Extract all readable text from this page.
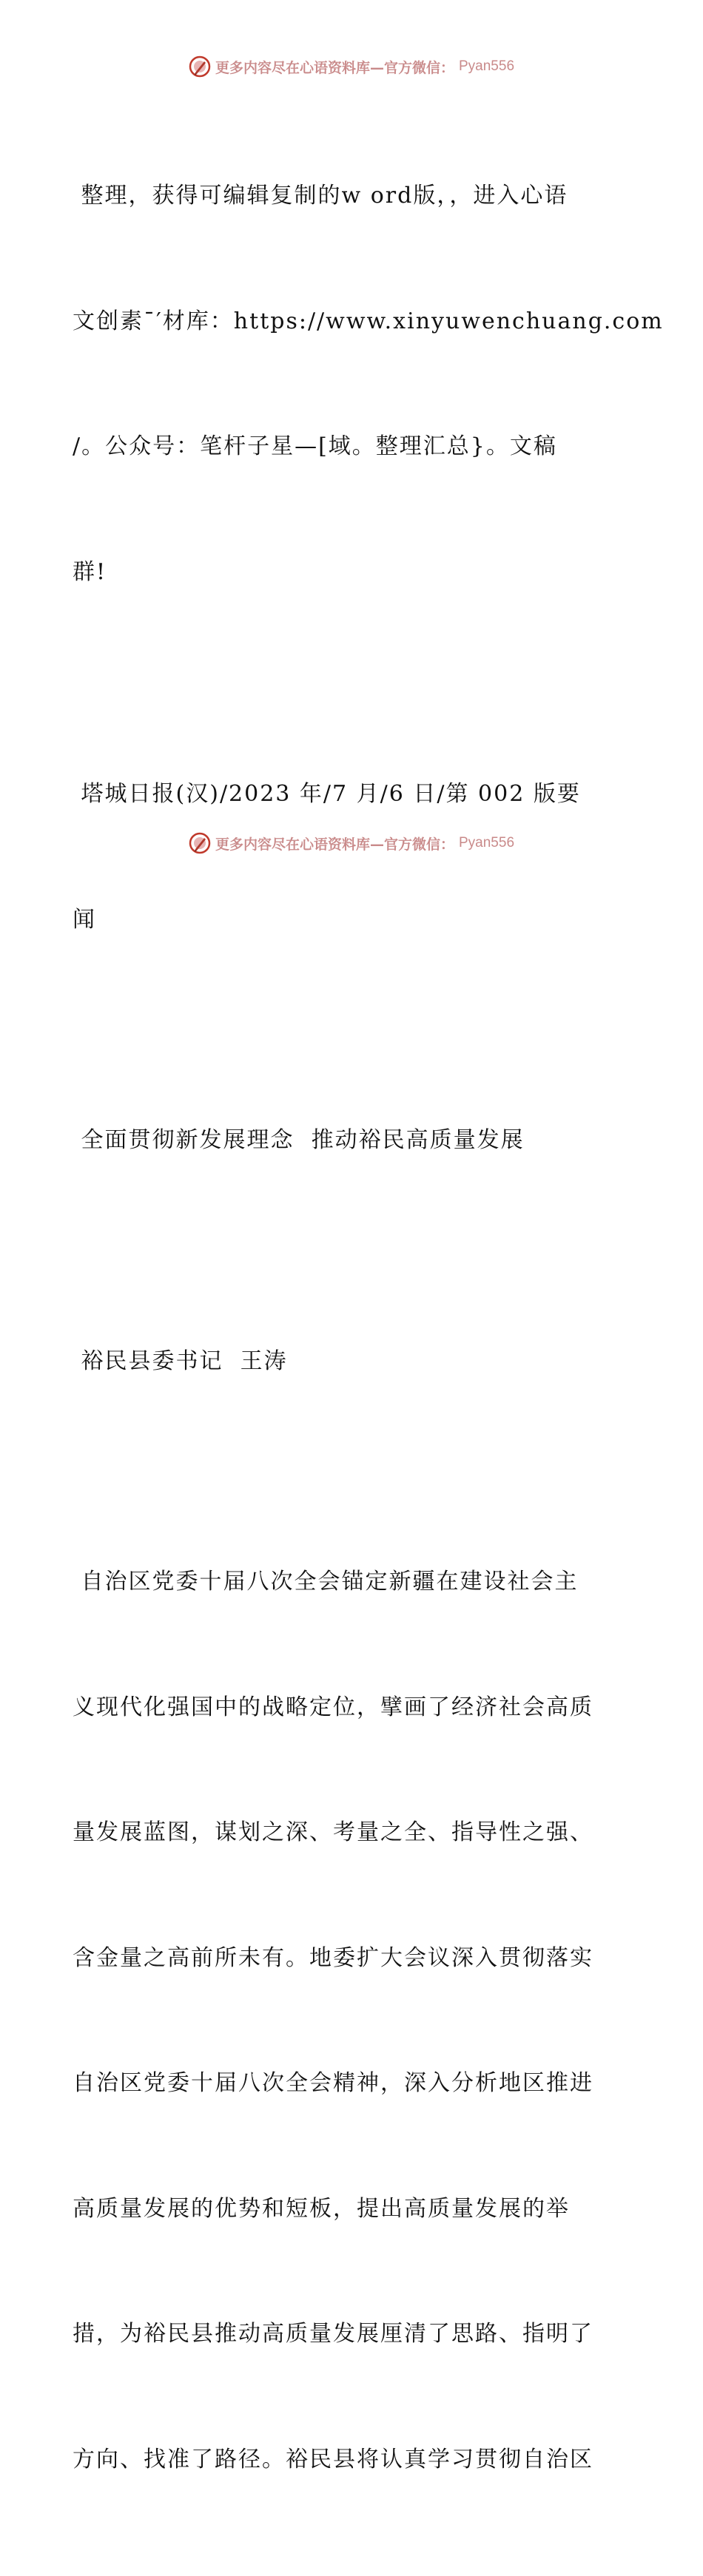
更多内容尽在心语资料库—官方微信： Pyan556

整理，获得可编辑复制的w ord版，，进入心语

文创素¯′材库：https://www.xinyuwenchuang.com

/。公众号：笔杆子星—[域。整理汇总}。文稿

群!

塔城日报(汉)/2023 年/7 月/6 日/第 002 版要

闻

全面贯彻新发展理念  推动裕民高质量发展

裕民县委书记  王涛

自治区党委十届八次全会锚定新疆在建设社会主

义现代化强国中的战略定位，擘画了经济社会高质

量发展蓝图，谋划之深、考量之全、指导性之强、

含金量之高前所未有。地委扩大会议深入贯彻落实

自治区党委十届八次全会精神，深入分析地区推进

高质量发展的优势和短板，提出高质量发展的举

措，为裕民县推动高质量发展厘清了思路、指明了

方向、找准了路径。裕民县将认真学习贯彻自治区

更多内容尽在心语资料库—官方微信： Pyan556
